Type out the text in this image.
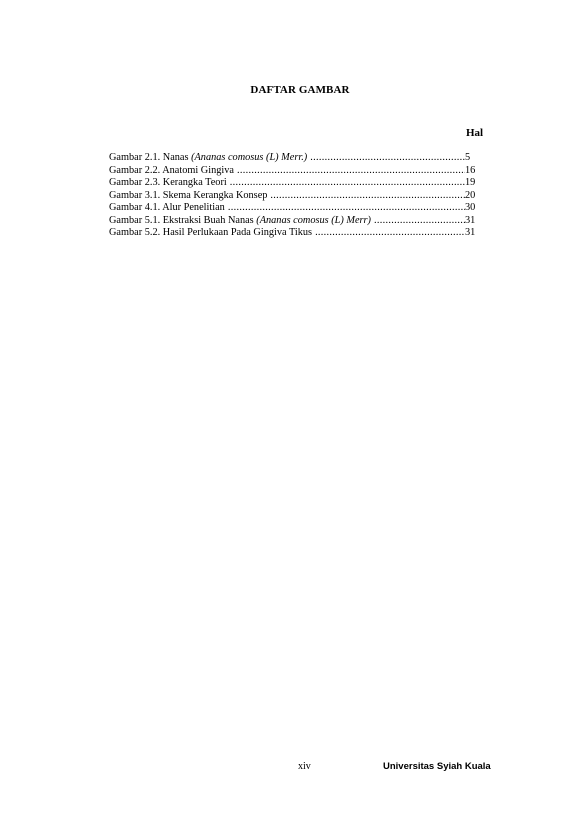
DAFTAR GAMBAR
Hal
Gambar 2.1. Nanas (Ananas comosus (L) Merr.) .....	5
Gambar 2.2. Anatomi Gingiva .....	16
Gambar 2.3. Kerangka Teori .....	19
Gambar 3.1. Skema Kerangka Konsep .....	20
Gambar 4.1. Alur Penelitian .....	30
Gambar 5.1. Ekstraksi Buah Nanas (Ananas comosus (L) Merr) .....	31
Gambar 5.2. Hasil Perlukaan Pada Gingiva Tikus .....	31
xiv	Universitas Syiah Kuala
